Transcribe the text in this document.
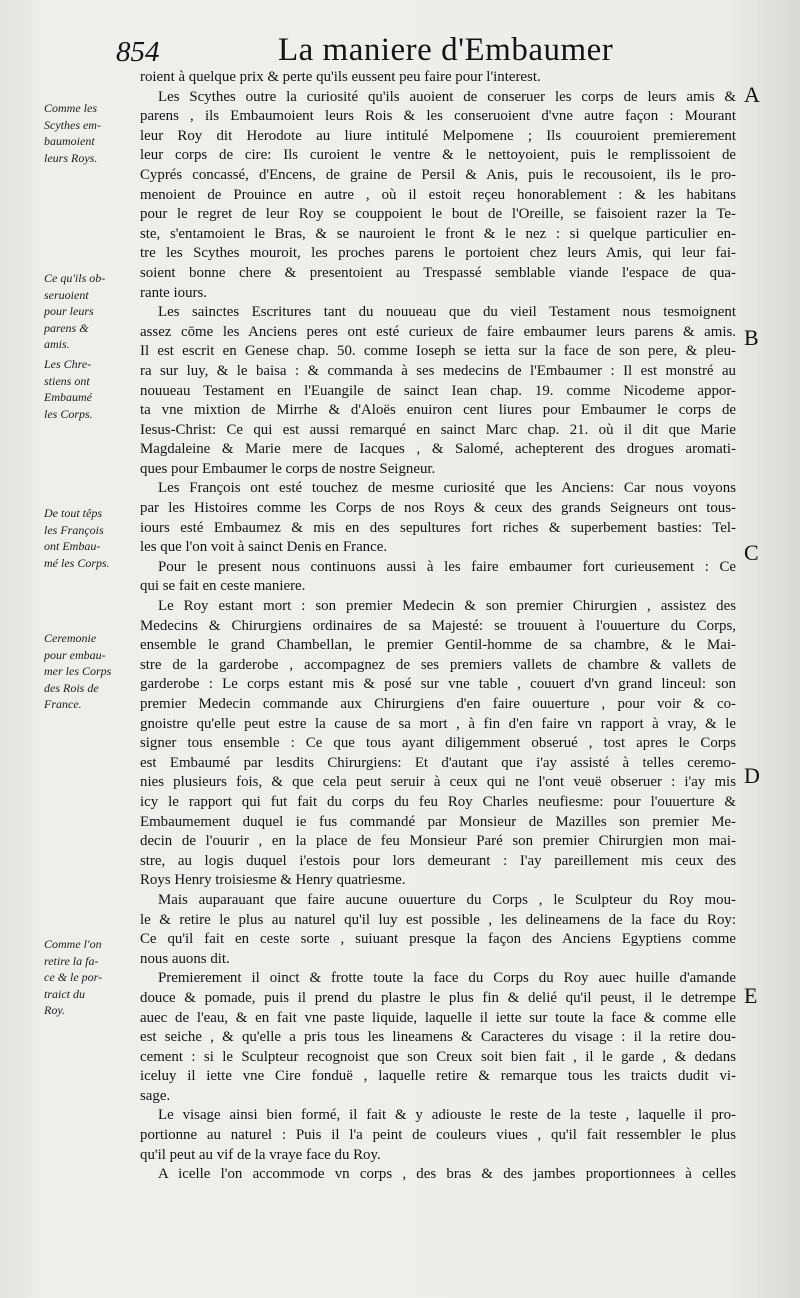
854	La maniere d'Embaumer
Comme les
Scythes em-
baumoient
leurs Roys.
Ce qu'ils ob-
seruoient
pour leurs
parens &
amis.
Les Chre-
stiens ont
Embaumé
les Corps.
De tout têps
les François
ont Embau-
mé les Corps.
Ceremonie
pour embau-
mer les Corps
des Rois de
France.
Comme l'on
retire la fa-
ce & le por-
traict du
Roy.
A
B
C
D
E
roient à quelque prix & perte qu'ils eussent peu faire pour l'interest.
Les Scythes outre la curiosité qu'ils auoient de conseruer les corps de leurs amis &
parens , ils Embaumoient leurs Rois & les conseruoient d'vne autre façon : Mourant
leur Roy dit Herodote au liure intitulé Melpomene ; Ils couuroient premierement
leur corps de cire: Ils curoient le ventre & le nettoyoient, puis le remplissoient de
Cyprés concassé, d'Encens, de graine de Persil & Anis, puis le recousoient, ils le pro-
menoient de Prouince en autre , où il estoit reçeu honorablement : & les habitans
pour le regret de leur Roy se couppoient le bout de l'Oreille, se faisoient razer la Te-
ste, s'entamoient le Bras, & se nauroient le front & le nez : si quelque particulier en-
tre les Scythes mouroit, les proches parens le portoient chez leurs Amis, qui leur fai-
soient bonne chere & presentoient au Trespassé semblable viande l'espace de qua-
rante iours.
Les sainctes Escritures tant du nouueau que du vieil Testament nous tesmoignent
assez cōme les Anciens peres ont esté curieux de faire embaumer leurs parens & amis.
Il est escrit en Genese chap. 50. comme Ioseph se ietta sur la face de son pere, & pleu-
ra sur luy, & le baisa : & commanda à ses medecins de l'Embaumer : Il est monstré au
nouueau Testament en l'Euangile de sainct Iean chap. 19. comme Nicodeme appor-
ta vne mixtion de Mirrhe & d'Aloës enuiron cent liures pour Embaumer le corps de
Iesus-Christ: Ce qui est aussi remarqué en sainct Marc chap. 21. où il dit que Marie
Magdaleine & Marie mere de Iacques , & Salomé, achepterent des drogues aromati-
ques pour Embaumer le corps de nostre Seigneur.
Les François ont esté touchez de mesme curiosité que les Anciens: Car nous voyons
par les Histoires comme les Corps de nos Roys & ceux des grands Seigneurs ont tous-
iours esté Embaumez & mis en des sepultures fort riches & superbement basties: Tel-
les que l'on voit à sainct Denis en France.
Pour le present nous continuons aussi à les faire embaumer fort curieusement : Ce
qui se fait en ceste maniere.
Le Roy estant mort : son premier Medecin & son premier Chirurgien , assistez des
Medecins & Chirurgiens ordinaires de sa Majesté: se trouuent à l'ouuerture du Corps,
ensemble le grand Chambellan, le premier Gentil-homme de sa chambre, & le Mai-
stre de la garderobe , accompagnez de ses premiers vallets de chambre & vallets de
garderobe : Le corps estant mis & posé sur vne table , couuert d'vn grand linceul: son
premier Medecin commande aux Chirurgiens d'en faire ouuerture , pour voir & co-
gnoistre qu'elle peut estre la cause de sa mort , à fin d'en faire vn rapport à vray, & le
signer tous ensemble : Ce que tous ayant diligemment obserué , tost apres le Corps
est Embaumé par lesdits Chirurgiens: Et d'autant que i'ay assisté à telles ceremo-
nies plusieurs fois, & que cela peut seruir à ceux qui ne l'ont veuë obseruer : i'ay mis
icy le rapport qui fut fait du corps du feu Roy Charles neufiesme: pour l'ouuerture &
Embaumement duquel ie fus commandé par Monsieur de Mazilles son premier Me-
decin de l'ouurir , en la place de feu Monsieur Paré son premier Chirurgien mon mai-
stre, au logis duquel i'estois pour lors demeurant : I'ay pareillement mis ceux des
Roys Henry troisiesme & Henry quatriesme.
Mais auparauant que faire aucune ouuerture du Corps , le Sculpteur du Roy mou-
le & retire le plus au naturel qu'il luy est possible , les delineamens de la face du Roy:
Ce qu'il fait en ceste sorte , suiuant presque la façon des Anciens Egyptiens comme
nous auons dit.
Premierement il oinct & frotte toute la face du Corps du Roy auec huille d'amande
douce & pomade, puis il prend du plastre le plus fin & delié qu'il peust, il le detrempe
auec de l'eau, & en fait vne paste liquide, laquelle il iette sur toute la face & comme elle
est seiche , & qu'elle a pris tous les lineamens & Caracteres du visage : il la retire dou-
cement : si le Sculpteur recognoist que son Creux soit bien fait , il le garde , & dedans
iceluy il iette vne Cire fonduë , laquelle retire & remarque tous les traicts dudit vi-
sage.
Le visage ainsi bien formé, il fait & y adiouste le reste de la teste , laquelle il pro-
portionne au naturel : Puis il l'a peint de couleurs viues , qu'il fait ressembler le plus
qu'il peut au vif de la vraye face du Roy.
A icelle l'on accommode vn corps , des bras & des jambes proportionnees à celles
